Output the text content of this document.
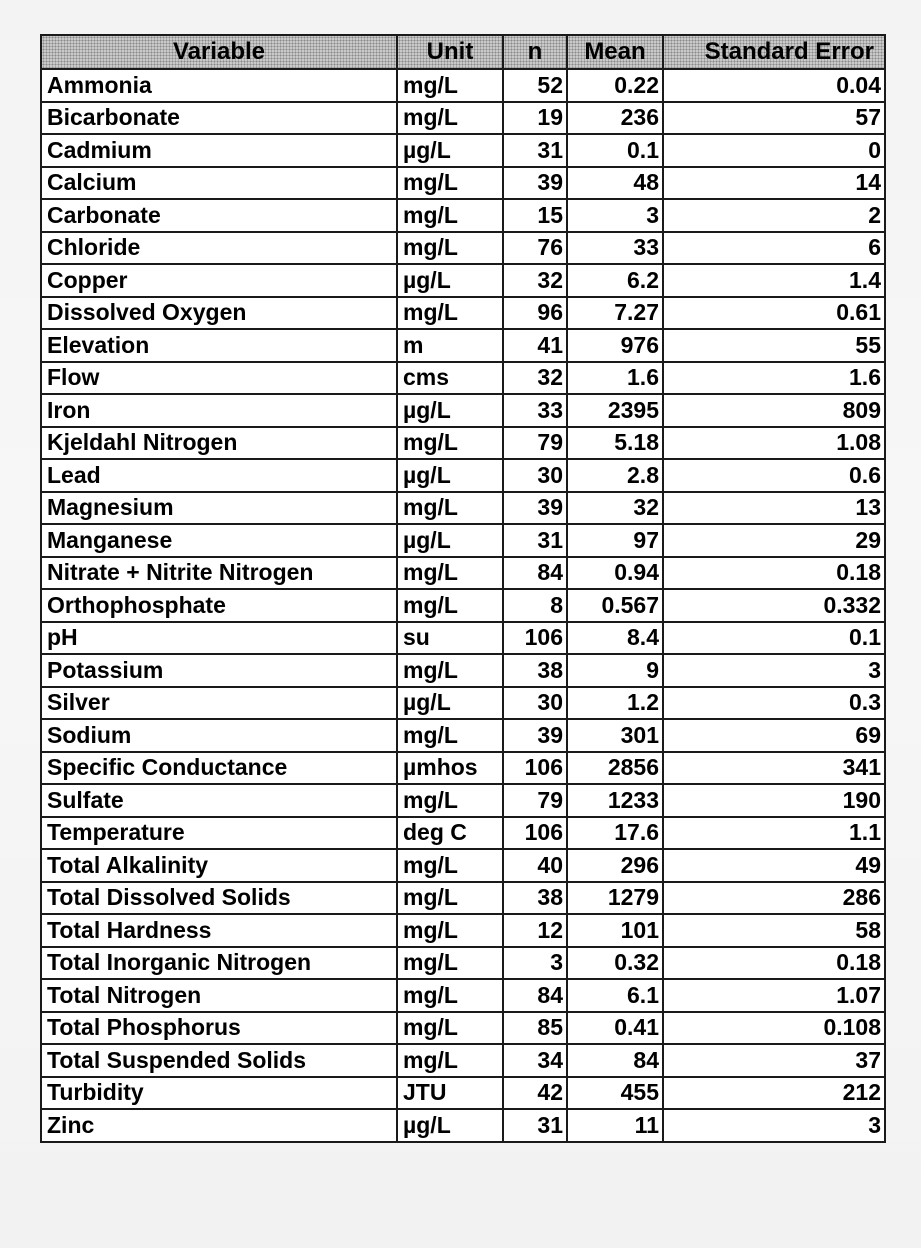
Variable	Unit	n	Mean	Standard Error
Ammonia	mg/L	52	0.22	0.04
Bicarbonate	mg/L	19	236	57
Cadmium	µg/L	31	0.1	0
Calcium	mg/L	39	48	14
Carbonate	mg/L	15	3	2
Chloride	mg/L	76	33	6
Copper	µg/L	32	6.2	1.4
Dissolved Oxygen	mg/L	96	7.27	0.61
Elevation	m	41	976	55
Flow	cms	32	1.6	1.6
Iron	µg/L	33	2395	809
Kjeldahl Nitrogen	mg/L	79	5.18	1.08
Lead	µg/L	30	2.8	0.6
Magnesium	mg/L	39	32	13
Manganese	µg/L	31	97	29
Nitrate + Nitrite Nitrogen	mg/L	84	0.94	0.18
Orthophosphate	mg/L	8	0.567	0.332
pH	su	106	8.4	0.1
Potassium	mg/L	38	9	3
Silver	µg/L	30	1.2	0.3
Sodium	mg/L	39	301	69
Specific Conductance	µmhos	106	2856	341
Sulfate	mg/L	79	1233	190
Temperature	deg C	106	17.6	1.1
Total Alkalinity	mg/L	40	296	49
Total Dissolved Solids	mg/L	38	1279	286
Total Hardness	mg/L	12	101	58
Total Inorganic Nitrogen	mg/L	3	0.32	0.18
Total Nitrogen	mg/L	84	6.1	1.07
Total Phosphorus	mg/L	85	0.41	0.108
Total Suspended Solids	mg/L	34	84	37
Turbidity	JTU	42	455	212
Zinc	µg/L	31	11	3
